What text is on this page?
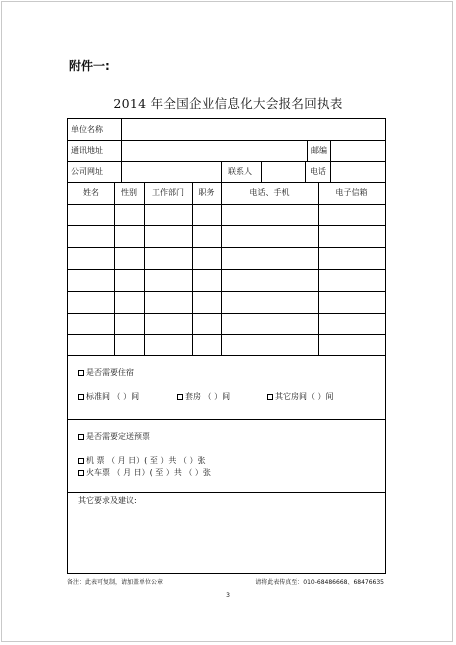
附件一:
2014 年全国企业信息化大会报名回执表
单位名称
通讯地址	邮编
公司网址	联系人	电话
姓名	性别	工作部门	职务	电话、手机	电子信箱
是否需要住宿
标准间 （ ）间	套房 （ ）间	其它房间（ ）间
是否需要定送预票
机 票 （ 月 日）( 至 ）共 （ ）张
火车票 （ 月 日）( 至 ）共 （ ）张
其它要求及建议:
备注：此表可复制，请加盖单位公章	请将此表传真至：010-68486668、68476635
3
